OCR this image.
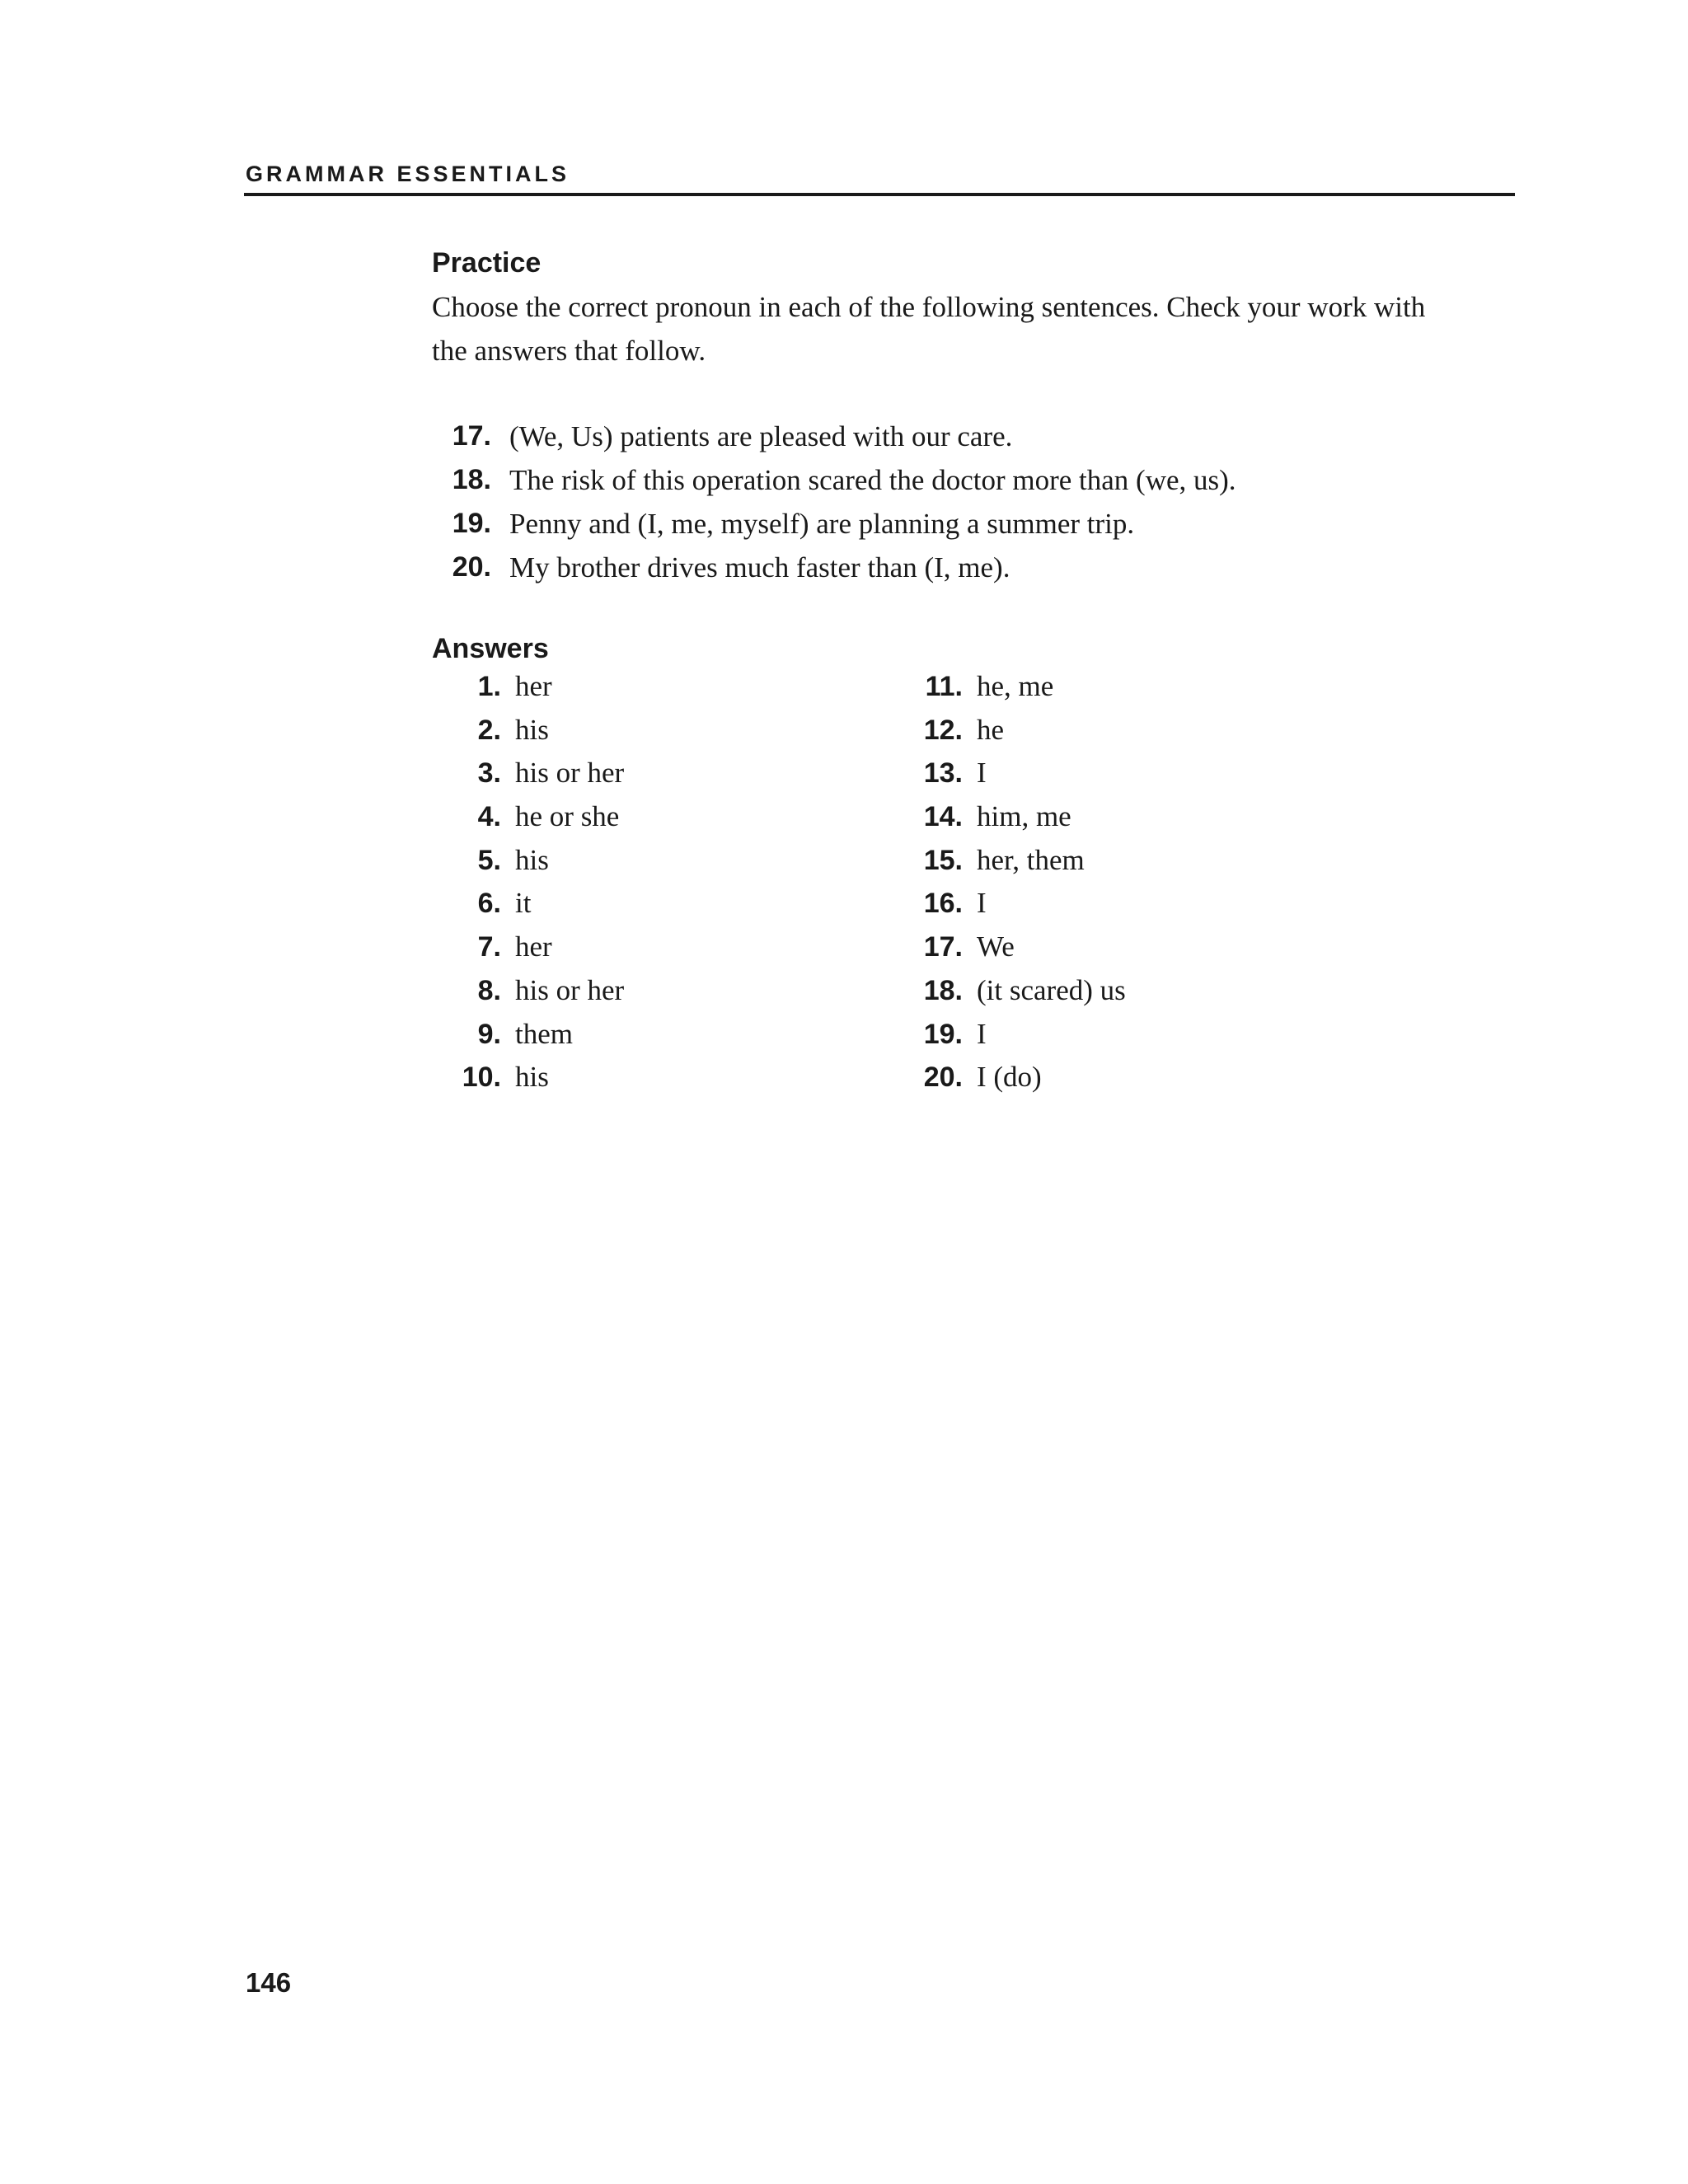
GRAMMAR ESSENTIALS
Practice
Choose the correct pronoun in each of the following sentences. Check your work with the answers that follow.
17. (We, Us) patients are pleased with our care.
18. The risk of this operation scared the doctor more than (we, us).
19. Penny and (I, me, myself) are planning a summer trip.
20. My brother drives much faster than (I, me).
Answers
1. her
2. his
3. his or her
4. he or she
5. his
6. it
7. her
8. his or her
9. them
10. his
11. he, me
12. he
13. I
14. him, me
15. her, them
16. I
17. We
18. (it scared) us
19. I
20. I (do)
146
